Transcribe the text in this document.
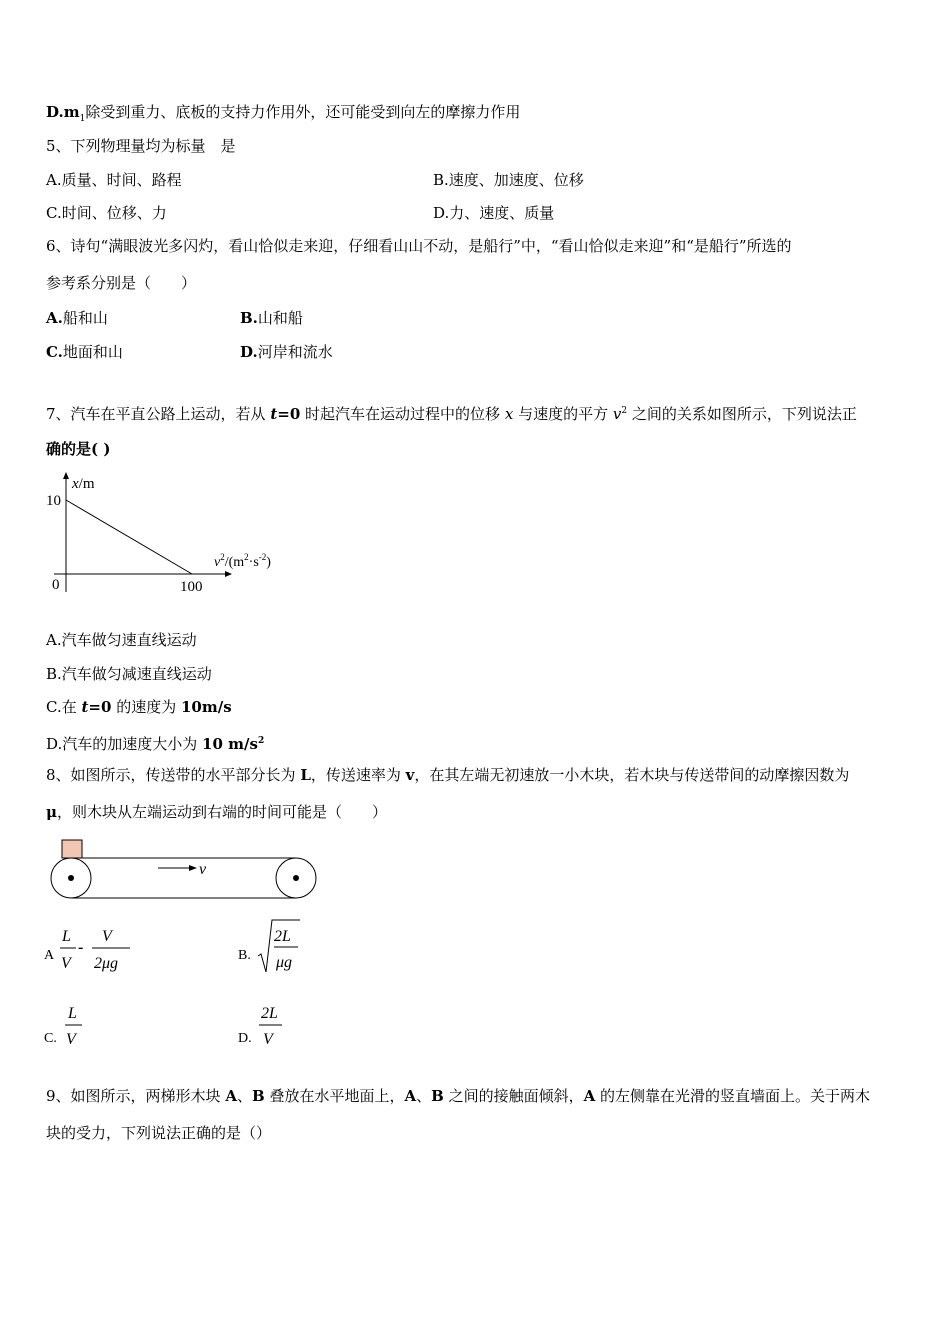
$D.m_1$除受到重力、底板的支持力作用外，还可能受到向左的摩擦力作用
5、下列物理量均为标量　是
A.质量、时间、路程	B.速度、加速度、位移
C.时间、位移、力	D.力、速度、质量
6、诗句“满眼波光多闪灼，看山恰似走来迎，仔细看山山不动，是船行”中，“看山恰似走来迎”和“是船行”所选的
参考系分别是（　　）
A.船和山	B.山和船
C.地面和山	D.河岸和流水
7、汽车在平直公路上运动，若从 t=0 时起汽车在运动过程中的位移 x 与速度的平方 $v^2$ 之间的关系如图所示，下列说法正
确的是( )
x/m
10
0	100
$v^2/(m^2\cdot s^{-2})$
A.汽车做匀速直线运动
B.汽车做匀减速直线运动
C.在 t=0 的速度为 10m/s
D.汽车的加速度大小为 10 $m/s^2$
8、如图所示，传送带的水平部分长为 L，传送速率为 v，在其左端无初速放一小木块，若木块与传送带间的动摩擦因数为
μ，则木块从左端运动到右端的时间可能是（　　）
v
A
L
V
-
V
2μg	B.
2L
μg
C.
L
V	D.
2L
V
9、如图所示，两梯形木块 A、B 叠放在水平地面上，A、B 之间的接触面倾斜，A 的左侧靠在光滑的竖直墙面上。关于两木
块的受力，下列说法正确的是（）
